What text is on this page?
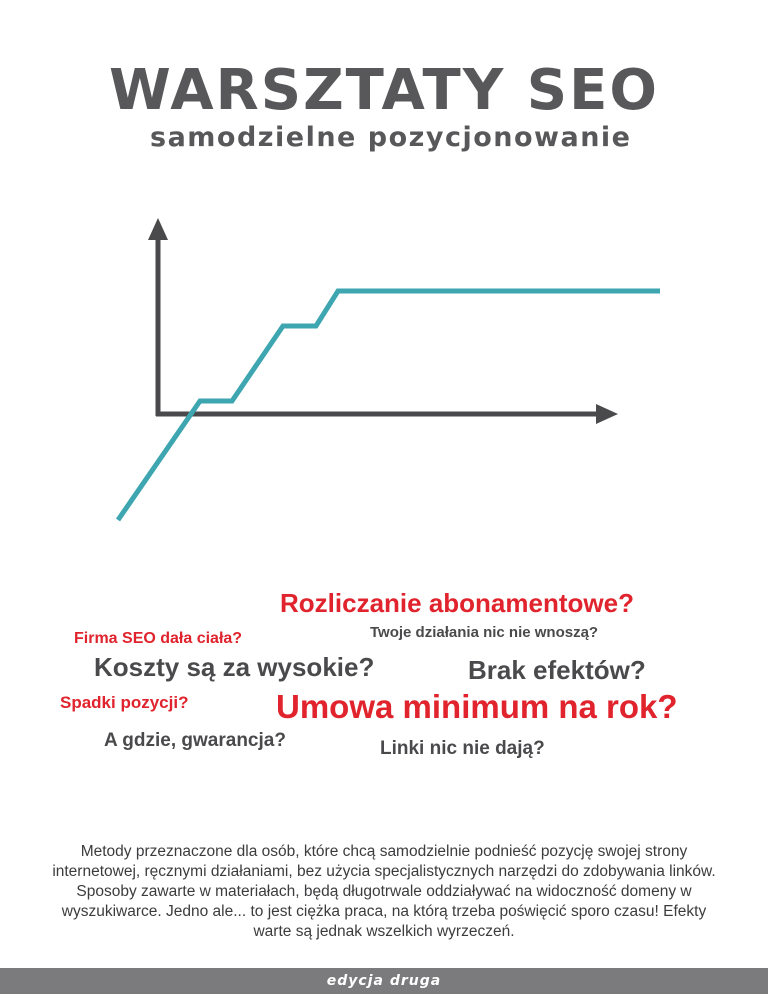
WARSZTATY SEO
samodzielne pozycjonowanie

Rozliczanie abonamentowe?

Firma SEO dała ciała?	Twoje działania nic nie wnoszą?

Koszty są za wysokie?	Brak efektów?

Spadki pozycji?	Umowa minimum na rok?

A gdzie, gwarancja?	Linki nic nie dają?

Metody przeznaczone dla osób, które chcą samodzielnie podnieść pozycję swojej strony internetowej, ręcznymi działaniami, bez użycia specjalistycznych narzędzi do zdobywania linków. Sposoby zawarte w materiałach, będą długotrwale oddziaływać na widoczność domeny w wyszukiwarce. Jedno ale... to jest ciężka praca, na którą trzeba poświęcić sporo czasu! Efekty warte są jednak wszelkich wyrzeczeń.

edycja druga
